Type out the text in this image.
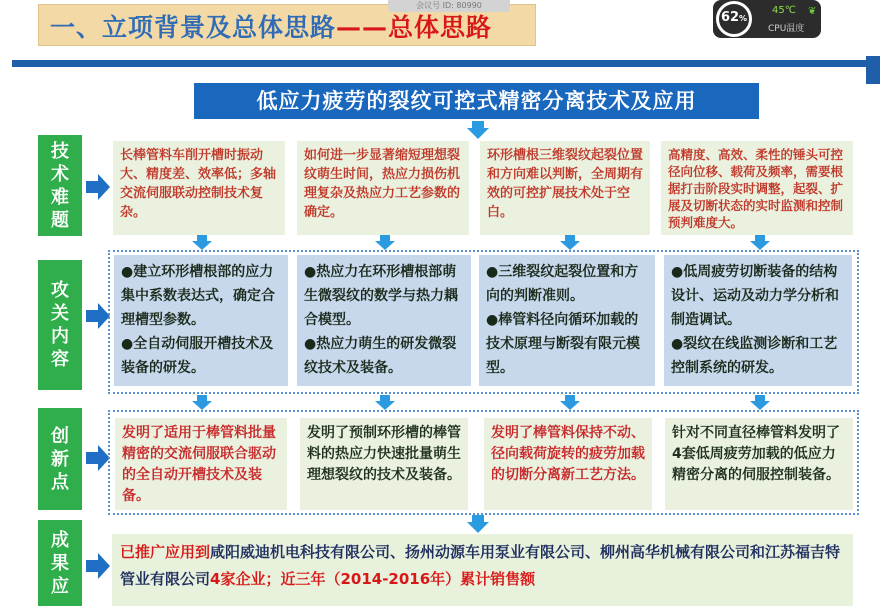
一、立项背景及总体思路——总体思路
会议号 ID: 80990
62%
45℃ ❦
CPU温度
低应力疲劳的裂纹可控式精密分离技术及应用
技术难题
攻关内容
创新点
成果应
长棒管料车削开槽时振动大、精度差、效率低；多轴交流伺服联动控制技术复杂。
如何进一步显著缩短理想裂纹萌生时间，热应力损伤机理复杂及热应力工艺参数的确定。
环形槽根三维裂纹起裂位置和方向难以判断，全周期有效的可控扩展技术处于空白。
高精度、高效、柔性的锤头可控径向位移、载荷及频率，需要根据打击阶段实时调整，起裂、扩展及切断状态的实时监测和控制预判难度大。
●建立环形槽根部的应力集中系数表达式，确定合理槽型参数。
●全自动伺服开槽技术及装备的研发。
●热应力在环形槽根部萌生微裂纹的数学与热力耦合模型。
●热应力萌生的研发微裂纹技术及装备。
●三维裂纹起裂位置和方向的判断准则。
●棒管料径向循环加载的技术原理与断裂有限元模型。
●低周疲劳切断装备的结构设计、运动及动力学分析和制造调试。
●裂纹在线监测诊断和工艺控制系统的研发。
发明了适用于棒管料批量精密的交流伺服联合驱动的全自动开槽技术及装备。
发明了预制环形槽的棒管料的热应力快速批量萌生理想裂纹的技术及装备。
发明了棒管料保持不动、径向载荷旋转的疲劳加载的切断分离新工艺方法。
针对不同直径棒管料发明了4套低周疲劳加载的低应力精密分离的伺服控制装备。
已推广应用到咸阳威迪机电科技有限公司、扬州动源车用泵业有限公司、柳州高华机械有限公司和江苏福吉特管业有限公司4家企业；近三年（2014-2016年）累计销售额
